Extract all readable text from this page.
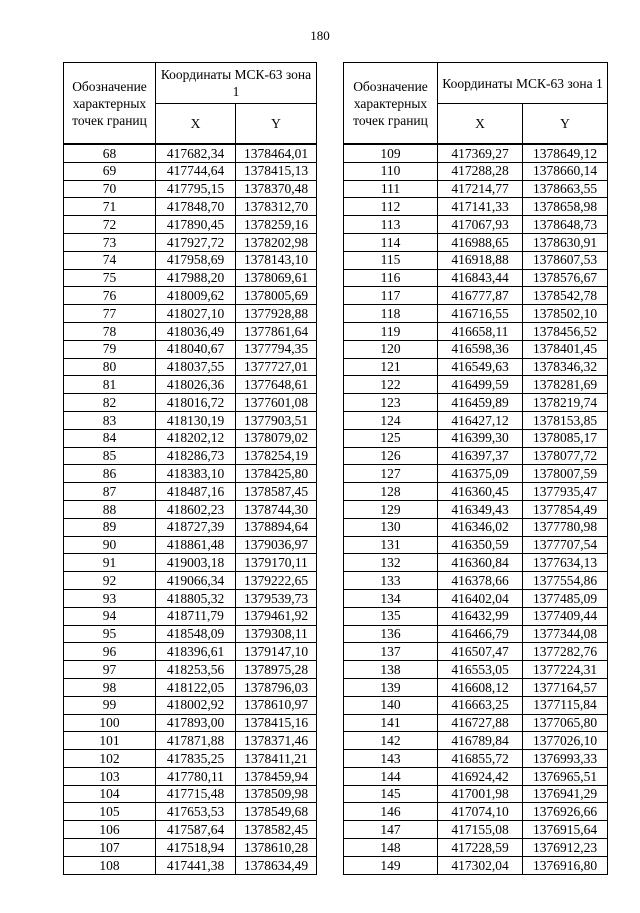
180
Обозначение характерных точек границ	Координаты МСК-63 зона 1	
	X	Y
68	417682,34	1378464,01
69	417744,64	1378415,13
70	417795,15	1378370,48
71	417848,70	1378312,70
72	417890,45	1378259,16
73	417927,72	1378202,98
74	417958,69	1378143,10
75	417988,20	1378069,61
76	418009,62	1378005,69
77	418027,10	1377928,88
78	418036,49	1377861,64
79	418040,67	1377794,35
80	418037,55	1377727,01
81	418026,36	1377648,61
82	418016,72	1377601,08
83	418130,19	1377903,51
84	418202,12	1378079,02
85	418286,73	1378254,19
86	418383,10	1378425,80
87	418487,16	1378587,45
88	418602,23	1378744,30
89	418727,39	1378894,64
90	418861,48	1379036,97
91	419003,18	1379170,11
92	419066,34	1379222,65
93	418805,32	1379539,73
94	418711,79	1379461,92
95	418548,09	1379308,11
96	418396,61	1379147,10
97	418253,56	1378975,28
98	418122,05	1378796,03
99	418002,92	1378610,97
100	417893,00	1378415,16
101	417871,88	1378371,46
102	417835,25	1378411,21
103	417780,11	1378459,94
104	417715,48	1378509,98
105	417653,53	1378549,68
106	417587,64	1378582,45
107	417518,94	1378610,28
108	417441,38	1378634,49
Обозначение характерных точек границ	Координаты МСК-63 зона 1	
	X	Y
109	417369,27	1378649,12
110	417288,28	1378660,14
111	417214,77	1378663,55
112	417141,33	1378658,98
113	417067,93	1378648,73
114	416988,65	1378630,91
115	416918,88	1378607,53
116	416843,44	1378576,67
117	416777,87	1378542,78
118	416716,55	1378502,10
119	416658,11	1378456,52
120	416598,36	1378401,45
121	416549,63	1378346,32
122	416499,59	1378281,69
123	416459,89	1378219,74
124	416427,12	1378153,85
125	416399,30	1378085,17
126	416397,37	1378077,72
127	416375,09	1378007,59
128	416360,45	1377935,47
129	416349,43	1377854,49
130	416346,02	1377780,98
131	416350,59	1377707,54
132	416360,84	1377634,13
133	416378,66	1377554,86
134	416402,04	1377485,09
135	416432,99	1377409,44
136	416466,79	1377344,08
137	416507,47	1377282,76
138	416553,05	1377224,31
139	416608,12	1377164,57
140	416663,25	1377115,84
141	416727,88	1377065,80
142	416789,84	1377026,10
143	416855,72	1376993,33
144	416924,42	1376965,51
145	417001,98	1376941,29
146	417074,10	1376926,66
147	417155,08	1376915,64
148	417228,59	1376912,23
149	417302,04	1376916,80
